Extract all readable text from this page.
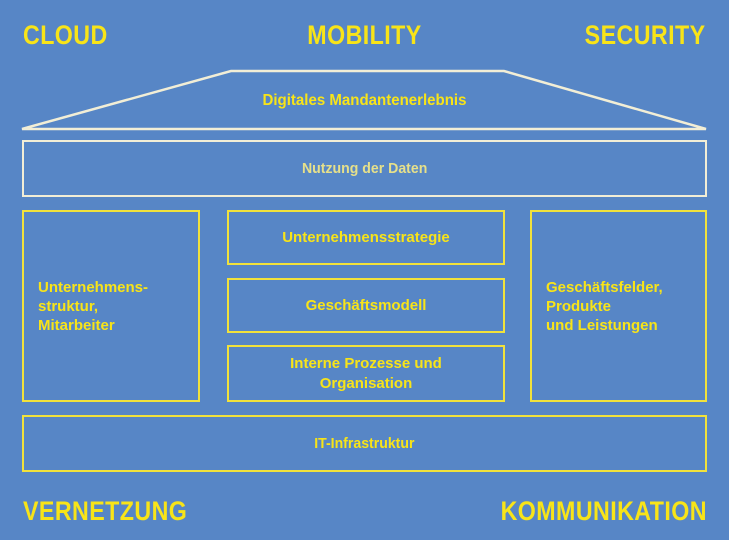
CLOUD	MOBILITY	SECURITY
Digitales Mandantenerlebnis
Nutzung der Daten
Unternehmens-
struktur,
Mitarbeiter
Unternehmensstrategie
Geschäftsmodell
Interne Prozesse und
Organisation
Geschäftsfelder,
Produkte
und Leistungen
IT-Infrastruktur
VERNETZUNG	KOMMUNIKATION
